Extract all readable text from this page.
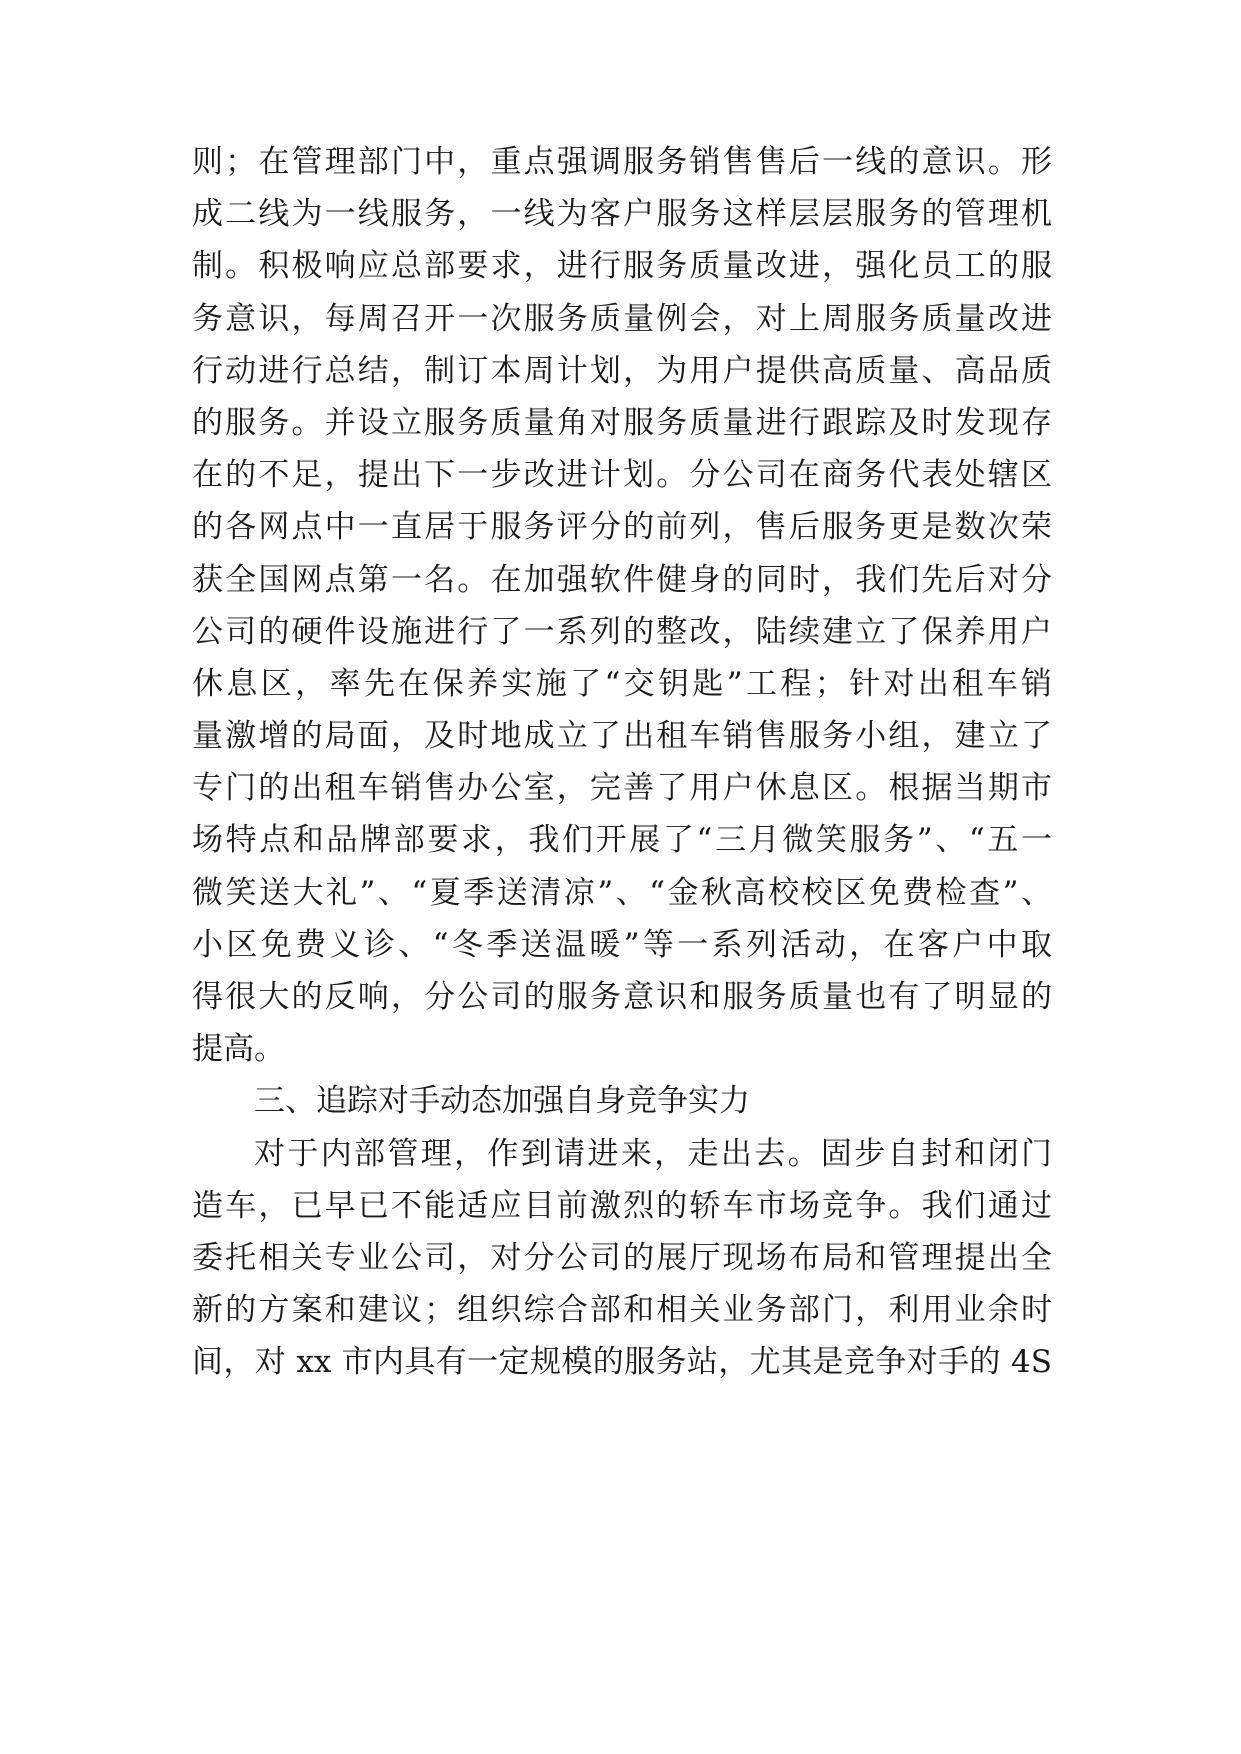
则；在管理部门中，重点强调服务销售售后一线的意识。形
成二线为一线服务，一线为客户服务这样层层服务的管理机
制。积极响应总部要求，进行服务质量改进，强化员工的服
务意识，每周召开一次服务质量例会，对上周服务质量改进
行动进行总结，制订本周计划，为用户提供高质量、高品质
的服务。并设立服务质量角对服务质量进行跟踪及时发现存
在的不足，提出下一步改进计划。分公司在商务代表处辖区
的各网点中一直居于服务评分的前列，售后服务更是数次荣
获全国网点第一名。在加强软件健身的同时，我们先后对分
公司的硬件设施进行了一系列的整改，陆续建立了保养用户
休息区，率先在保养实施了“交钥匙”工程；针对出租车销
量激增的局面，及时地成立了出租车销售服务小组，建立了
专门的出租车销售办公室，完善了用户休息区。根据当期市
场特点和品牌部要求，我们开展了“三月微笑服务”、“五一
微笑送大礼”、“夏季送清凉”、“金秋高校校区免费检查”、
小区免费义诊、“冬季送温暖”等一系列活动，在客户中取
得很大的反响，分公司的服务意识和服务质量也有了明显的
提高。
三、追踪对手动态加强自身竞争实力
对于内部管理，作到请进来，走出去。固步自封和闭门
造车，已早已不能适应目前激烈的轿车市场竞争。我们通过
委托相关专业公司，对分公司的展厅现场布局和管理提出全
新的方案和建议；组织综合部和相关业务部门，利用业余时
间，对 xx 市内具有一定规模的服务站，尤其是竞争对手的 4S
